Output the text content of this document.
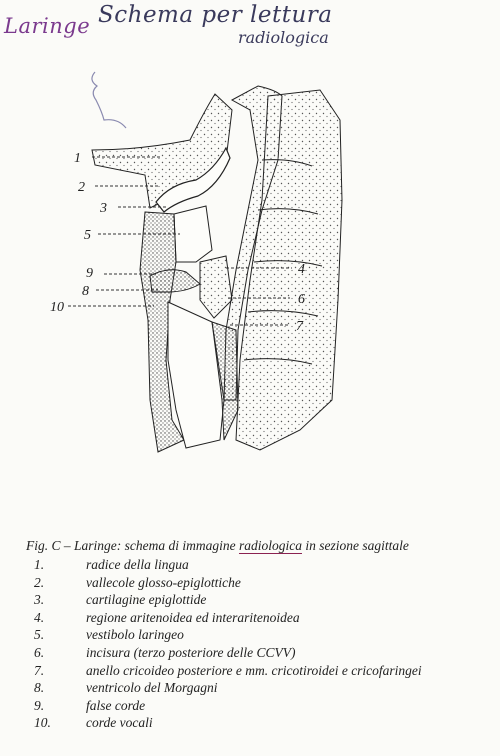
Laringe Schema per lettura
radiologica
1
2
3
5
9
8
10
4
6
7
Fig. C – Laringe: schema di immagine radiologica in sezione sagittale
1.	radice della lingua
2.	vallecole glosso-epiglottiche
3.	cartilagine epiglottide
4.	regione aritenoidea ed interaritenoidea
5.	vestibolo laringeo
6.	incisura (terzo posteriore delle CCVV)
7.	anello cricoideo posteriore e mm. cricotiroidei e cricofaringei
8.	ventricolo del Morgagni
9.	false corde
10.	corde vocali
